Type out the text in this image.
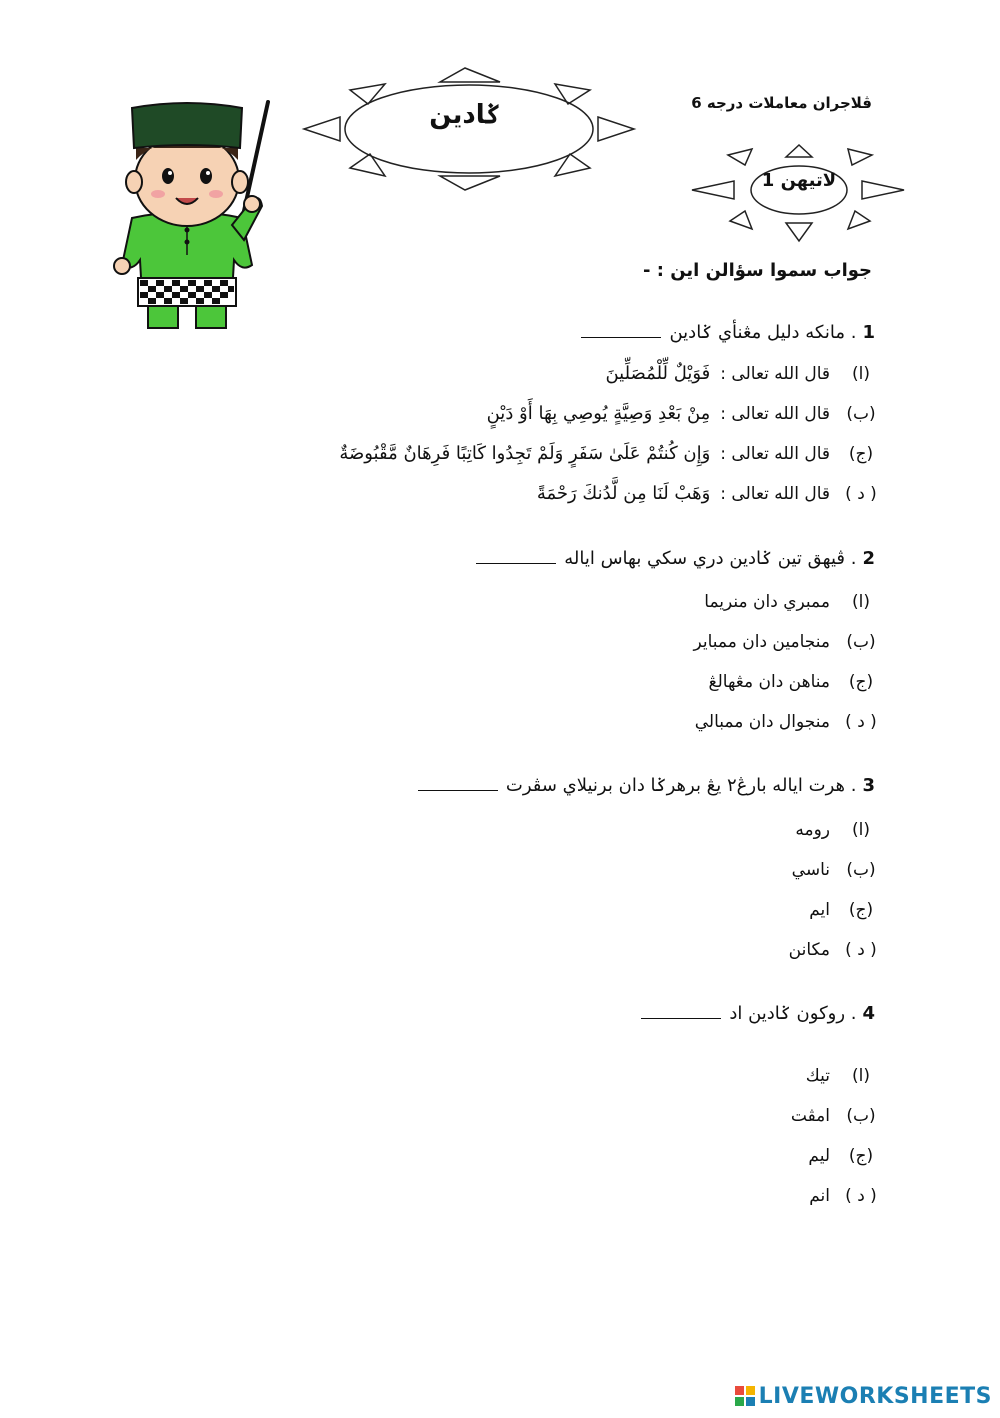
ڤلاجران معاملات درجه 6
ݢادين
لاتيهن 1
جواب سموا سؤالن اين : -
1. مانكه دليل مڠنأي ݢادين
(ا)قال الله تعالى :فَوَيْلٌ لِّلْمُصَلِّينَ
(ب)قال الله تعالى :مِنْ بَعْدِ وَصِيَّةٍ يُوصِي بِهَا أَوْ دَيْنٍ
(ج)قال الله تعالى :وَإِن كُنتُمْ عَلَىٰ سَفَرٍ وَلَمْ تَجِدُوا كَاتِبًا فَرِهَانٌ مَّقْبُوضَةٌ
( د )قال الله تعالى :وَهَبْ لَنَا مِن لَّدُنكَ رَحْمَةً
2. ڤيهق تين ݢادين دري سكي بهاس اياله
(ا)ممبري دان منريما
(ب)منجامين دان ممباير
(ج)مناهن دان مڠهالڠ
( د )منجوال دان ممبالي
3. هرت اياله بارڠ٢ يڠ برهرݢا دان برنيلاي سڤرت
(ا)رومه
(ب)ناسي
(ج)ايم
( د )مكانن
4. روكون ݢادين اد
(ا)تيك
(ب)امڤت
(ج)ليم
( د )انم
LIVEWORKSHEETS
